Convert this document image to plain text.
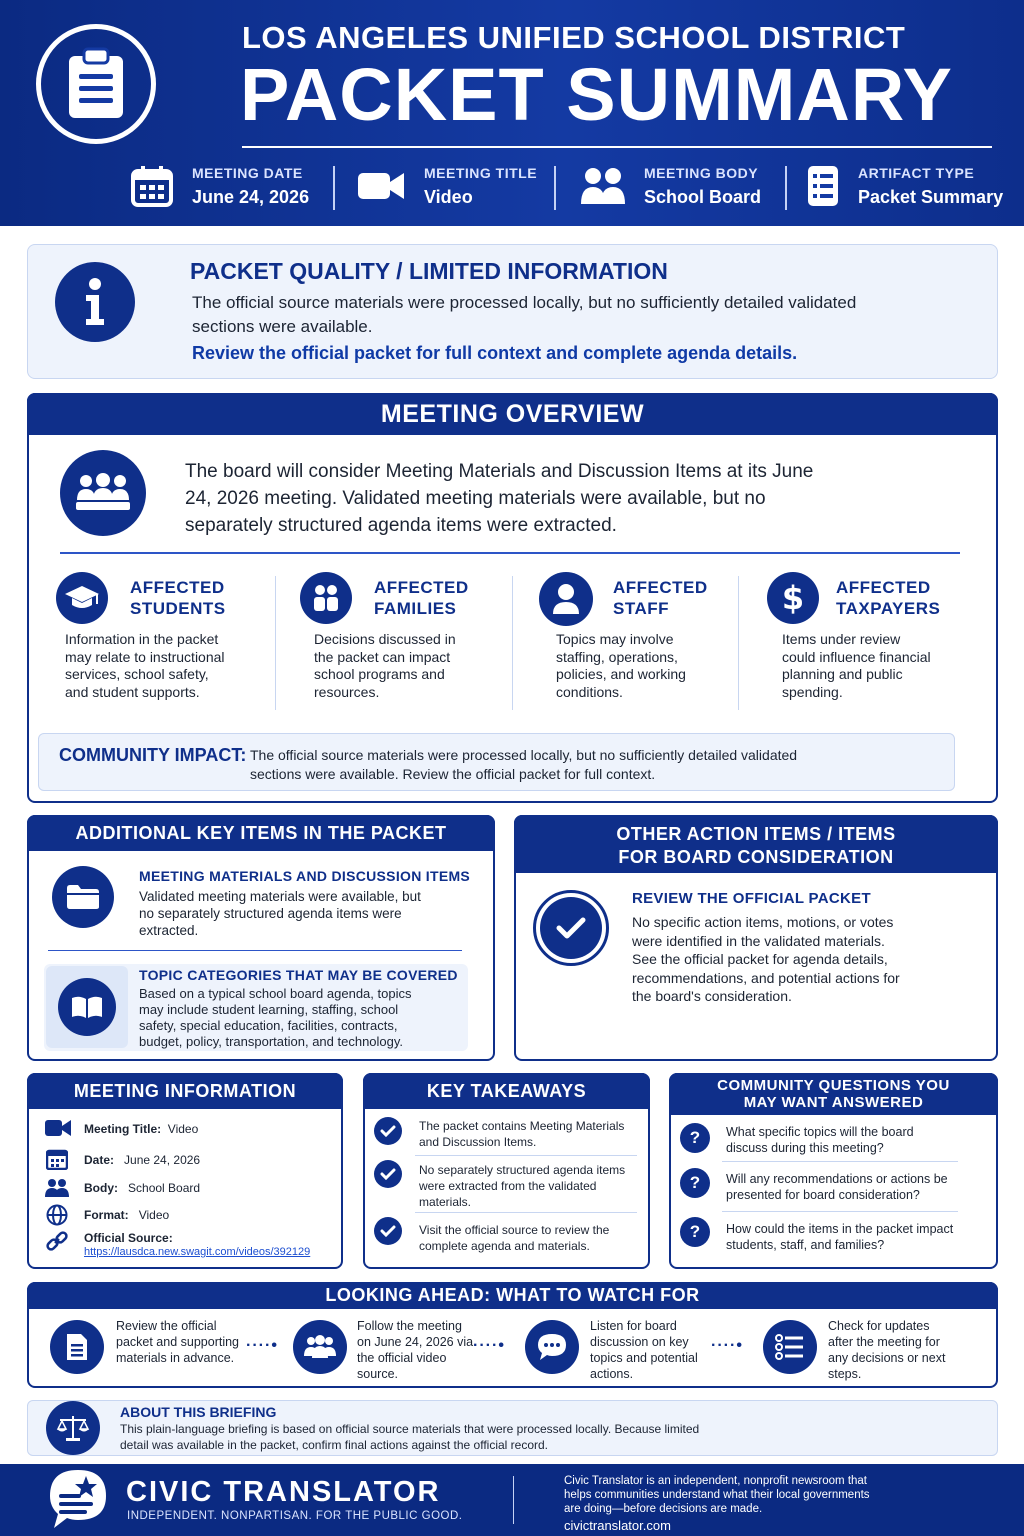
LOS ANGELES UNIFIED SCHOOL DISTRICT
PACKET SUMMARY
MEETING DATE
June 24, 2026
MEETING TITLE
Video
MEETING BODY
School Board
ARTIFACT TYPE
Packet Summary
PACKET QUALITY / LIMITED INFORMATION
The official source materials were processed locally, but no sufficiently detailed validated sections were available.
Review the official packet for full context and complete agenda details.
MEETING OVERVIEW
The board will consider Meeting Materials and Discussion Items at its June 24, 2026 meeting. Validated meeting materials were available, but no separately structured agenda items were extracted.
AFFECTED
STUDENTS
Information in the packet may relate to instructional services, school safety, and student supports.
AFFECTED
FAMILIES
Decisions discussed in the packet can impact school programs and resources.
AFFECTED
STAFF
Topics may involve staffing, operations, policies, and working conditions.
$ AFFECTED
TAXPAYERS
Items under review could influence financial planning and public spending.
COMMUNITY IMPACT: The official source materials were processed locally, but no sufficiently detailed validated sections were available. Review the official packet for full context.
ADDITIONAL KEY ITEMS IN THE PACKET
MEETING MATERIALS AND DISCUSSION ITEMS
Validated meeting materials were available, but no separately structured agenda items were extracted.
TOPIC CATEGORIES THAT MAY BE COVERED
Based on a typical school board agenda, topics may include student learning, staffing, school safety, special education, facilities, contracts, budget, policy, transportation, and technology.
OTHER ACTION ITEMS / ITEMS
FOR BOARD CONSIDERATION
REVIEW THE OFFICIAL PACKET
No specific action items, motions, or votes were identified in the validated materials. See the official packet for agenda details, recommendations, and potential actions for the board's consideration.
MEETING INFORMATION
Meeting Title: Video
Date: June 24, 2026
Body: School Board
Format: Video
Official Source:
https://lausdca.new.swagit.com/videos/392129
KEY TAKEAWAYS
The packet contains Meeting Materials and Discussion Items.
No separately structured agenda items were extracted from the validated materials.
Visit the official source to review the complete agenda and materials.
COMMUNITY QUESTIONS YOU
MAY WANT ANSWERED
?	What specific topics will the board discuss during this meeting?
?	Will any recommendations or actions be presented for board consideration?
?	How could the items in the packet impact students, staff, and families?
LOOKING AHEAD: WHAT TO WATCH FOR
Review the official packet and supporting materials in advance.
····•
Follow the meeting on June 24, 2026 via the official video source.
····•
Listen for board discussion on key topics and potential actions.
····•
Check for updates after the meeting for any decisions or next steps.
ABOUT THIS BRIEFING
This plain-language briefing is based on official source materials that were processed locally. Because limited detail was available in the packet, confirm final actions against the official record.
CIVIC TRANSLATOR
INDEPENDENT. NONPARTISAN. FOR THE PUBLIC GOOD.
Civic Translator is an independent, nonprofit newsroom that helps communities understand what their local governments are doing—before decisions are made.
civictranslator.com
